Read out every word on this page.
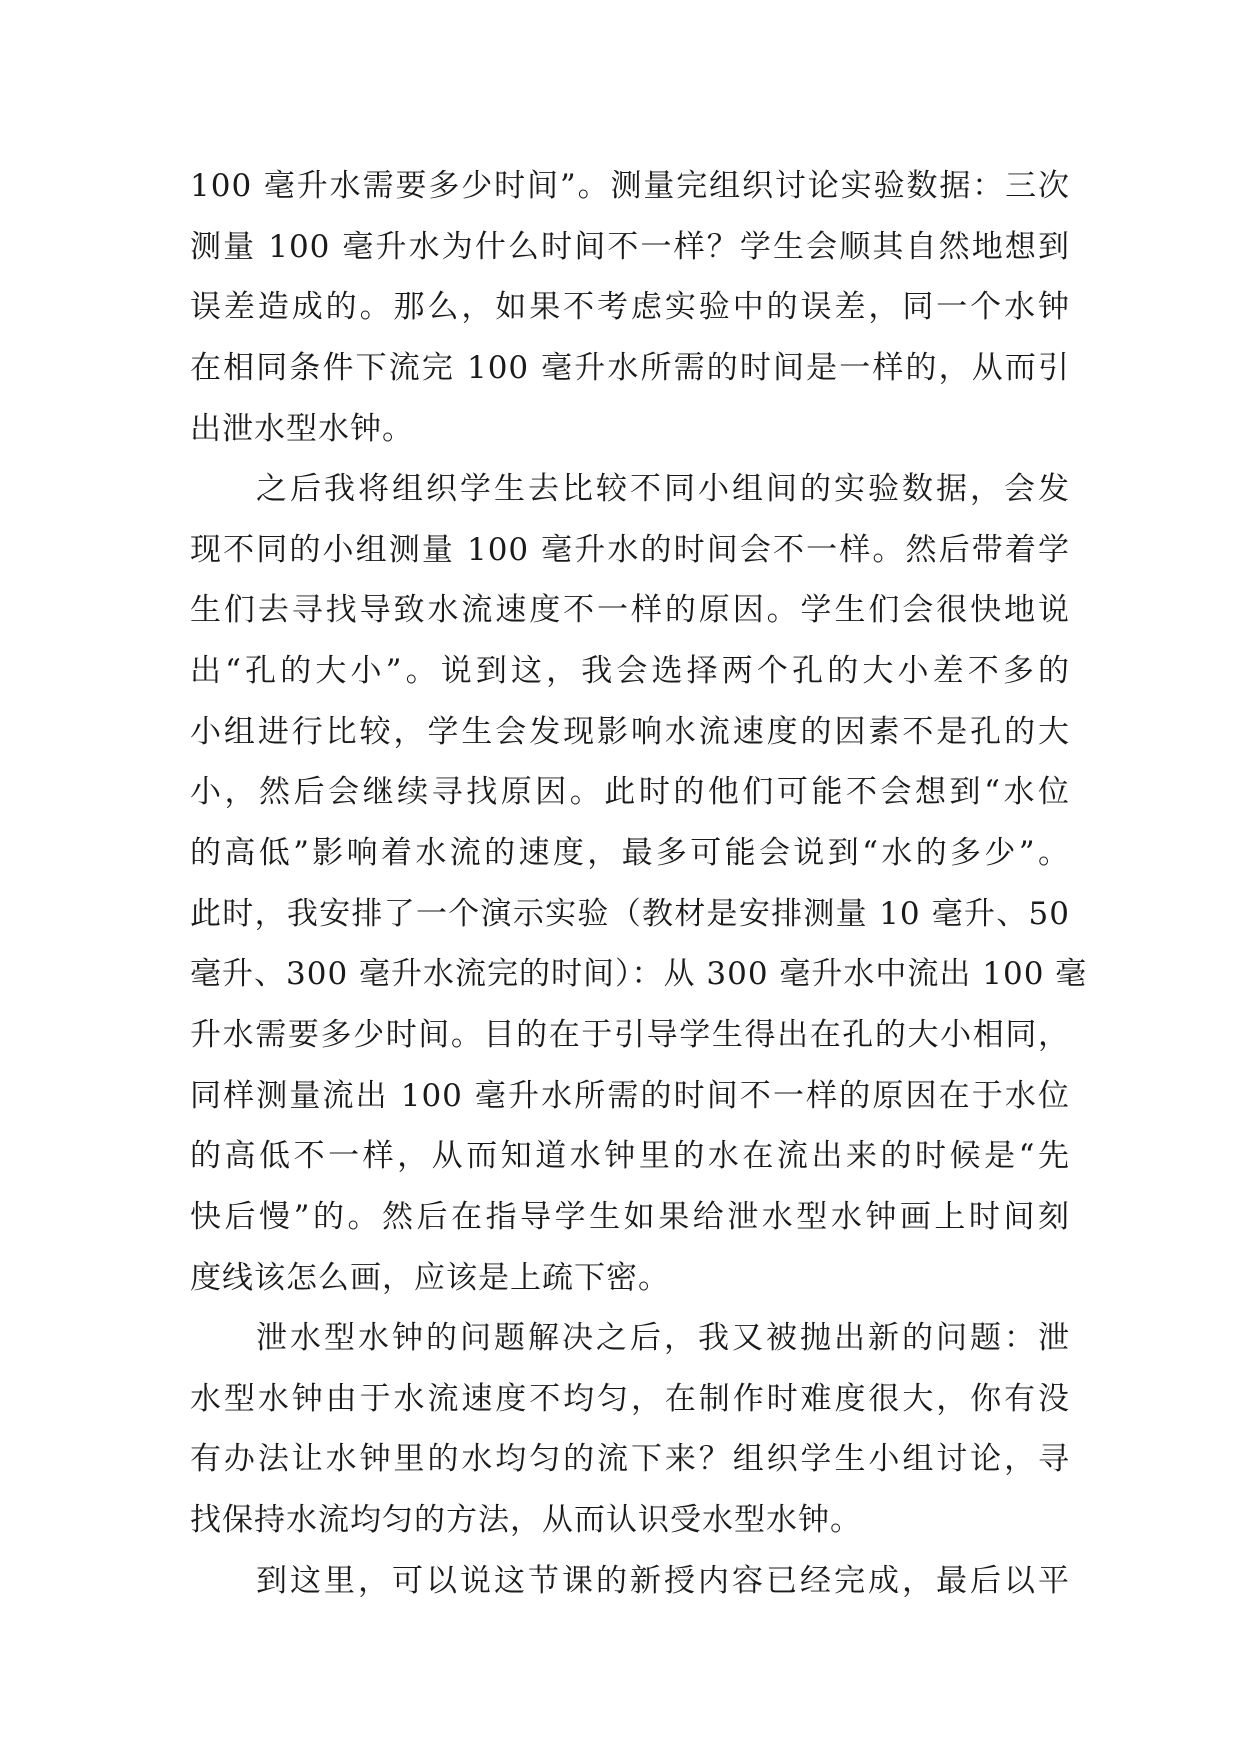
100 毫升水需要多少时间”。测量完组织讨论实验数据：三次
测量 100 毫升水为什么时间不一样？学生会顺其自然地想到
误差造成的。那么，如果不考虑实验中的误差，同一个水钟
在相同条件下流完 100 毫升水所需的时间是一样的，从而引
出泄水型水钟。
之后我将组织学生去比较不同小组间的实验数据，会发
现不同的小组测量 100 毫升水的时间会不一样。然后带着学
生们去寻找导致水流速度不一样的原因。学生们会很快地说
出“孔的大小”。说到这，我会选择两个孔的大小差不多的
小组进行比较，学生会发现影响水流速度的因素不是孔的大
小，然后会继续寻找原因。此时的他们可能不会想到“水位
的高低”影响着水流的速度，最多可能会说到“水的多少”。
此时，我安排了一个演示实验（教材是安排测量 10 毫升、50
毫升、300 毫升水流完的时间）：从 300 毫升水中流出 100 毫
升水需要多少时间。目的在于引导学生得出在孔的大小相同，
同样测量流出 100 毫升水所需的时间不一样的原因在于水位
的高低不一样，从而知道水钟里的水在流出来的时候是“先
快后慢”的。然后在指导学生如果给泄水型水钟画上时间刻
度线该怎么画，应该是上疏下密。
泄水型水钟的问题解决之后，我又被抛出新的问题：泄
水型水钟由于水流速度不均匀，在制作时难度很大，你有没
有办法让水钟里的水均匀的流下来？组织学生小组讨论，寻
找保持水流均匀的方法，从而认识受水型水钟。
到这里，可以说这节课的新授内容已经完成，最后以平
